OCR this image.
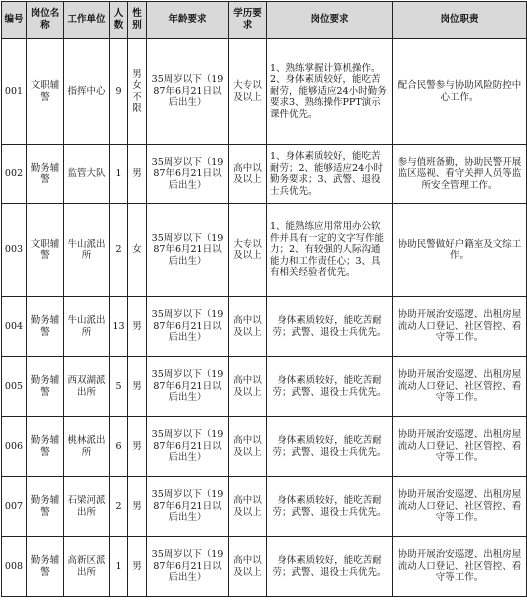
编号	岗位名称	工作单位	人数	性别	年龄要求	学历要求	岗位要求	岗位职责
001	文职辅警	指挥中心	9	男女不限	35周岁以下（1987年6月21日以后出生）	大专以及以上	1、熟练掌握计算机操作。2、身体素质较好，能吃苦耐劳，能够适应24小时勤务要求3、熟练操作PPT演示课件优先。	配合民警参与协助风险防控中心工作。
002	勤务辅警	监管大队	1	男	35周岁以下（1987年6月21日以后出生）	高中以及以上	1、身体素质较好，能吃苦耐劳；2、能够适应24小时勤务要求；3、武警、退役士兵优先。	参与值班备勤，协助民警开展监区巡视、看守关押人员等监所安全管理工作。
003	文职辅警	牛山派出所	2	女	35周岁以下（1987年6月21日以后出生）	大专以及以上	1、能熟练应用常用办公软件并具有一定的文字写作能力；2、有较强的人际沟通能力和工作责任心；3、具有相关经验者优先。	协助民警做好户籍室及文综工作。
004	勤务辅警	牛山派出所	13	男	35周岁以下（1987年6月21日以后出生）	高中以及以上	身体素质较好，能吃苦耐劳；武警、退役士兵优先。	协助开展治安巡逻、出租房屋流动人口登记、社区管控、看守等工作。
005	勤务辅警	西双湖派出所	5	男	35周岁以下（1987年6月21日以后出生）	高中以及以上	身体素质较好，能吃苦耐劳；武警、退役士兵优先。	协助开展治安巡逻、出租房屋流动人口登记、社区管控、看守等工作。
006	勤务辅警	桃林派出所	6	男	35周岁以下（1987年6月21日以后出生）	高中以及以上	身体素质较好，能吃苦耐劳；武警、退役士兵优先。	协助开展治安巡逻、出租房屋流动人口登记、社区管控、看守等工作。
007	勤务辅警	石梁河派出所	2	男	35周岁以下（1987年6月21日以后出生）	高中以及以上	身体素质较好，能吃苦耐劳；武警、退役士兵优先。	协助开展治安巡逻、出租房屋流动人口登记、社区管控、看守等工作。
008	勤务辅警	高新区派出所	1	男	35周岁以下（1987年6月21日以后出生）	高中以及以上	身体素质较好，能吃苦耐劳；武警、退役士兵优先。	协助开展治安巡逻、出租房屋流动人口登记、社区管控、看守等工作。
